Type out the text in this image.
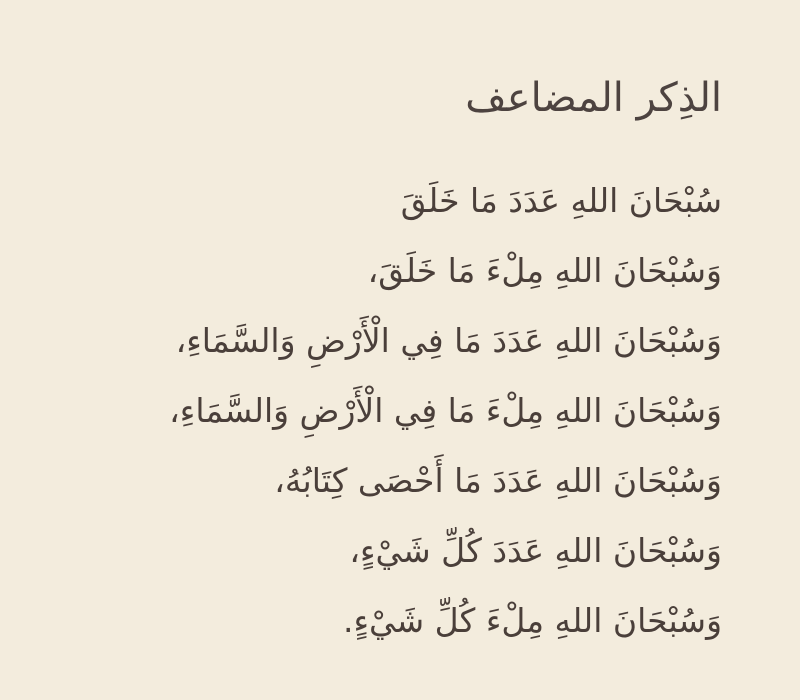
الذِكر المضاعف
سُبْحَانَ اللهِ عَدَدَ مَا خَلَقَ
وَسُبْحَانَ اللهِ مِلْءَ مَا خَلَقَ،
وَسُبْحَانَ اللهِ عَدَدَ مَا فِي الْأَرْضِ وَالسَّمَاءِ،
وَسُبْحَانَ اللهِ مِلْءَ مَا فِي الْأَرْضِ وَالسَّمَاءِ،
وَسُبْحَانَ اللهِ عَدَدَ مَا أَحْصَى كِتَابُهُ،
وَسُبْحَانَ اللهِ عَدَدَ كُلِّ شَيْءٍ،
وَسُبْحَانَ اللهِ مِلْءَ كُلِّ شَيْءٍ.
